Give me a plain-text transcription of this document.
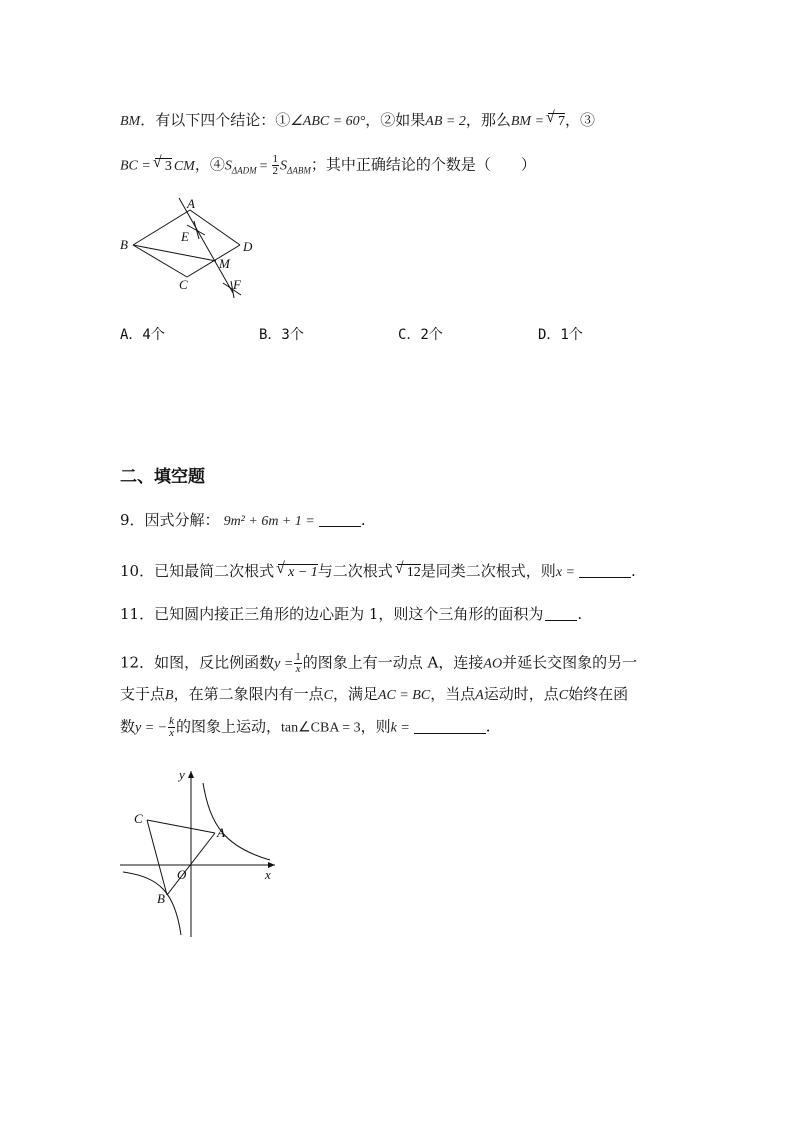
BM．有以下四个结论：①∠ABC = 60°，②如果AB = 2，那么BM = √ 7，③
BC = √ 3 CM，$④S_{\Delta ADM} = \frac{1}{2} S_{\Delta ABM}$；其中正确结论的个数是（　　）
A
B
C
D
E
M
F
A．4个	B．3个	C．2个	D．1个
二、填空题
9．因式分解： 9m² + 6m + 1 =	.
10．已知最简二次根式 √ x − 1与二次根式 √ 12是同类二次根式，则x =	.
11．已知圆内接正三角形的边心距为 1，则这个三角形的面积为 .
12．如图，反比例函数$y = \frac{1}{x}$ 的图象上有一动点 A，连接AO并延长交图象的另一
支于点B，在第二象限内有一点C，满足AC = BC，当点A运动时，点C始终在函
数y = − $\frac{k}{x}$ 的图象上运动，tan∠CBA = 3，则k =	.
y
x
O
A
B
C
